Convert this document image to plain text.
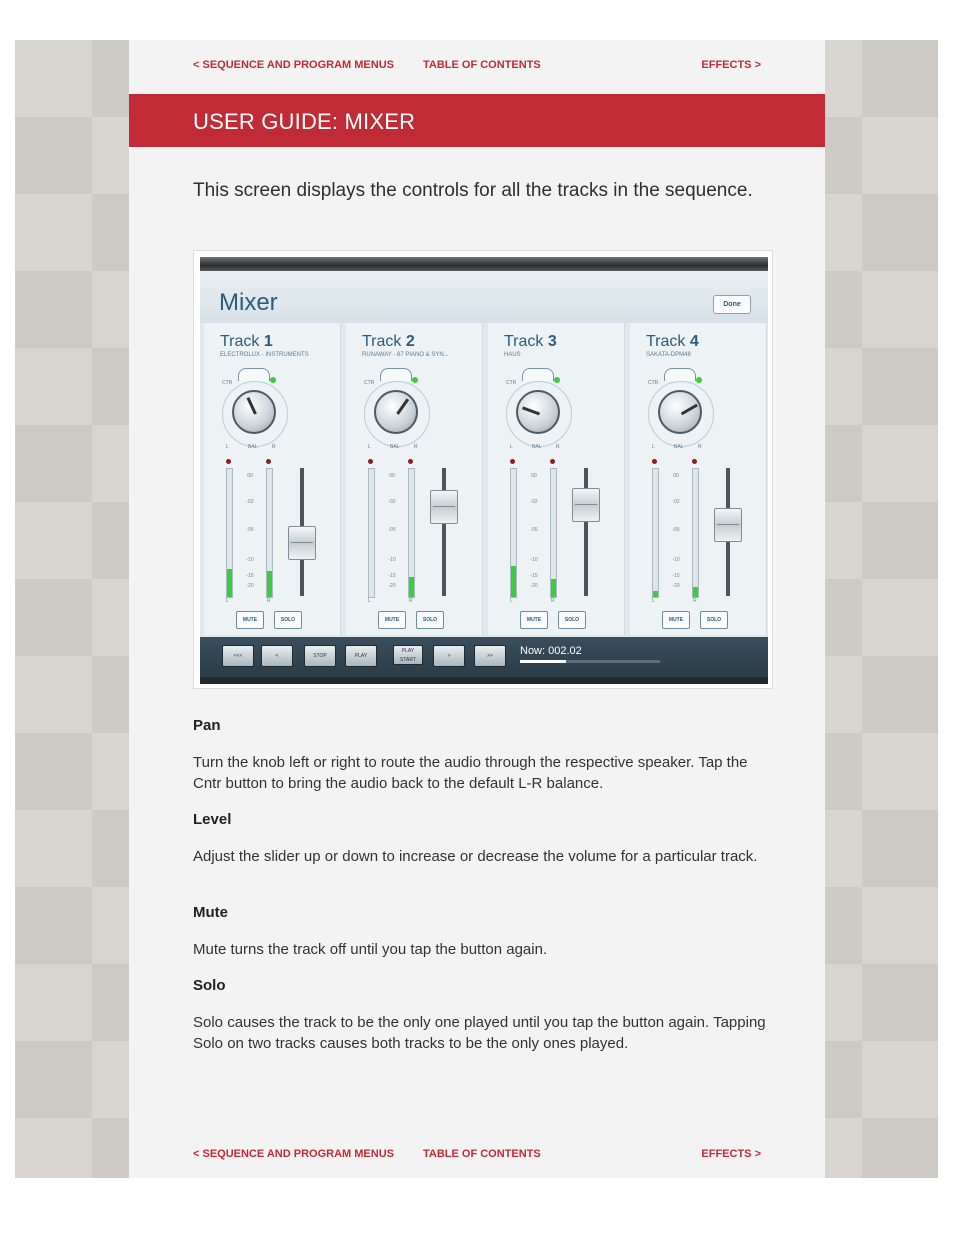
< SEQUENCE AND PROGRAM MENUS	TABLE OF CONTENTS	EFFECTS >
USER GUIDE: MIXER

This screen displays the controls for all the tracks in the sequence.

Mixer	Done
Track 1
ELECTROLUX - INSTRUMENTS
CTR
L	BAL	R
00
-02
-05
-10
-15
-20
L	R
MUTE	SOLO
Track 2
RUNAWAY - 87 PIANO & SYN...
CTR
L	BAL	R
00
-02
-05
-10
-15
-20
L	R
MUTE	SOLO
Track 3
HAUS
CTR
L	BAL	R
00
-02
-05
-10
-15
-20
L	R
MUTE	SOLO
Track 4
SAKATA-DPM48
CTR
L	BAL	R
00
-02
-05
-10
-15
-20
L	R
MUTE	SOLO
<<<	<	STOP	PLAY
PLAY START
>	>>	Now: 002.02

Pan

Turn the knob left or right to route the audio through the respective speaker. Tap the Cntr button to bring the audio back to the default L-R balance.

Level

Adjust the slider up or down to increase or decrease the volume for a particular track.

Mute

Mute turns the track off until you tap the button again.

Solo

Solo causes the track to be the only one played until you tap the button again. Tapping Solo on two tracks causes both tracks to be the only ones played.

< SEQUENCE AND PROGRAM MENUS	TABLE OF CONTENTS	EFFECTS >
